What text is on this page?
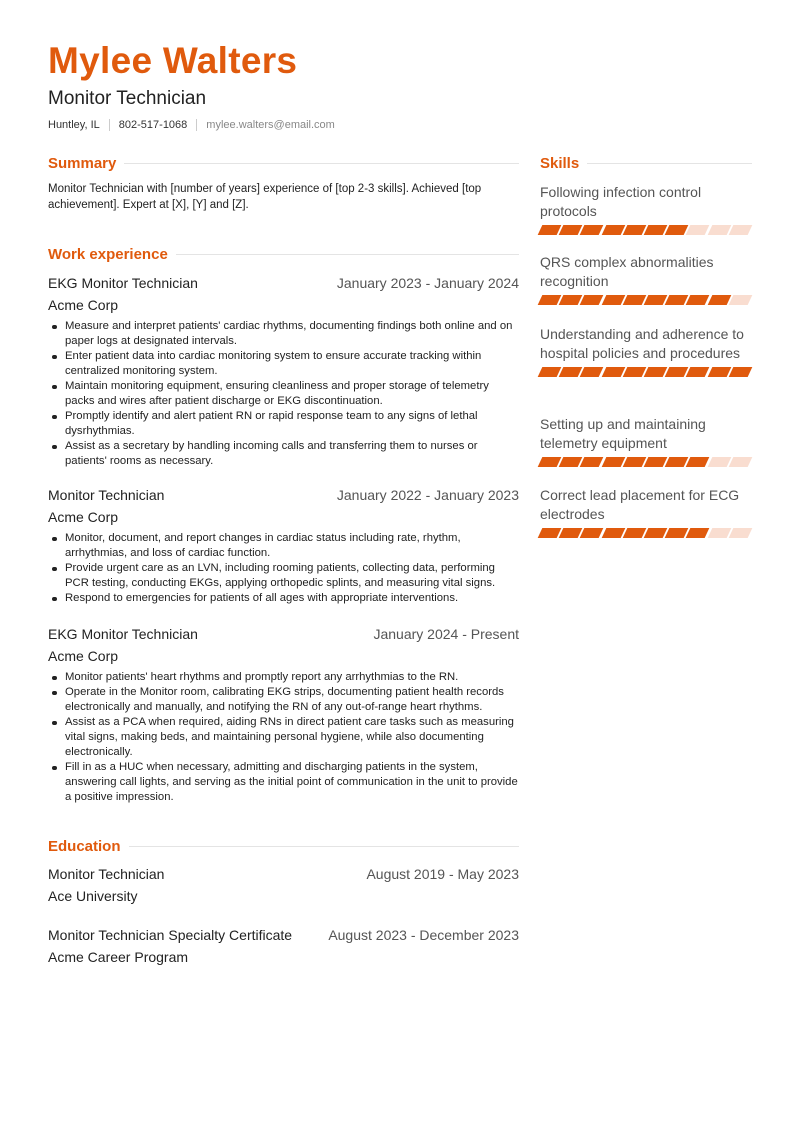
Mylee Walters
Monitor Technician
Huntley, IL 802-517-1068 mylee.walters@email.com
Summary
Monitor Technician with [number of years] experience of [top 2-3 skills]. Achieved [top achievement]. Expert at [X], [Y] and [Z].
Work experience
EKG Monitor Technician	January 2023 - January 2024
Acme Corp
Measure and interpret patients' cardiac rhythms, documenting findings both online and on paper logs at designated intervals.
Enter patient data into cardiac monitoring system to ensure accurate tracking within centralized monitoring system.
Maintain monitoring equipment, ensuring cleanliness and proper storage of telemetry packs and wires after patient discharge or EKG discontinuation.
Promptly identify and alert patient RN or rapid response team to any signs of lethal dysrhythmias.
Assist as a secretary by handling incoming calls and transferring them to nurses or patients' rooms as necessary.
Monitor Technician	January 2022 - January 2023
Acme Corp
Monitor, document, and report changes in cardiac status including rate, rhythm, arrhythmias, and loss of cardiac function.
Provide urgent care as an LVN, including rooming patients, collecting data, performing PCR testing, conducting EKGs, applying orthopedic splints, and measuring vital signs.
Respond to emergencies for patients of all ages with appropriate interventions.
EKG Monitor Technician	January 2024 - Present
Acme Corp
Monitor patients' heart rhythms and promptly report any arrhythmias to the RN.
Operate in the Monitor room, calibrating EKG strips, documenting patient health records electronically and manually, and notifying the RN of any out-of-range heart rhythms.
Assist as a PCA when required, aiding RNs in direct patient care tasks such as measuring vital signs, making beds, and maintaining personal hygiene, while also documenting electronically.
Fill in as a HUC when necessary, admitting and discharging patients in the system, answering call lights, and serving as the initial point of communication in the unit to provide a positive impression.
Education
Monitor Technician	August 2019 - May 2023
Ace University
Monitor Technician Specialty Certificate	August 2023 - December 2023
Acme Career Program
Skills
Following infection control protocols
QRS complex abnormalities recognition
Understanding and adherence to hospital policies and procedures
Setting up and maintaining telemetry equipment
Correct lead placement for ECG electrodes
